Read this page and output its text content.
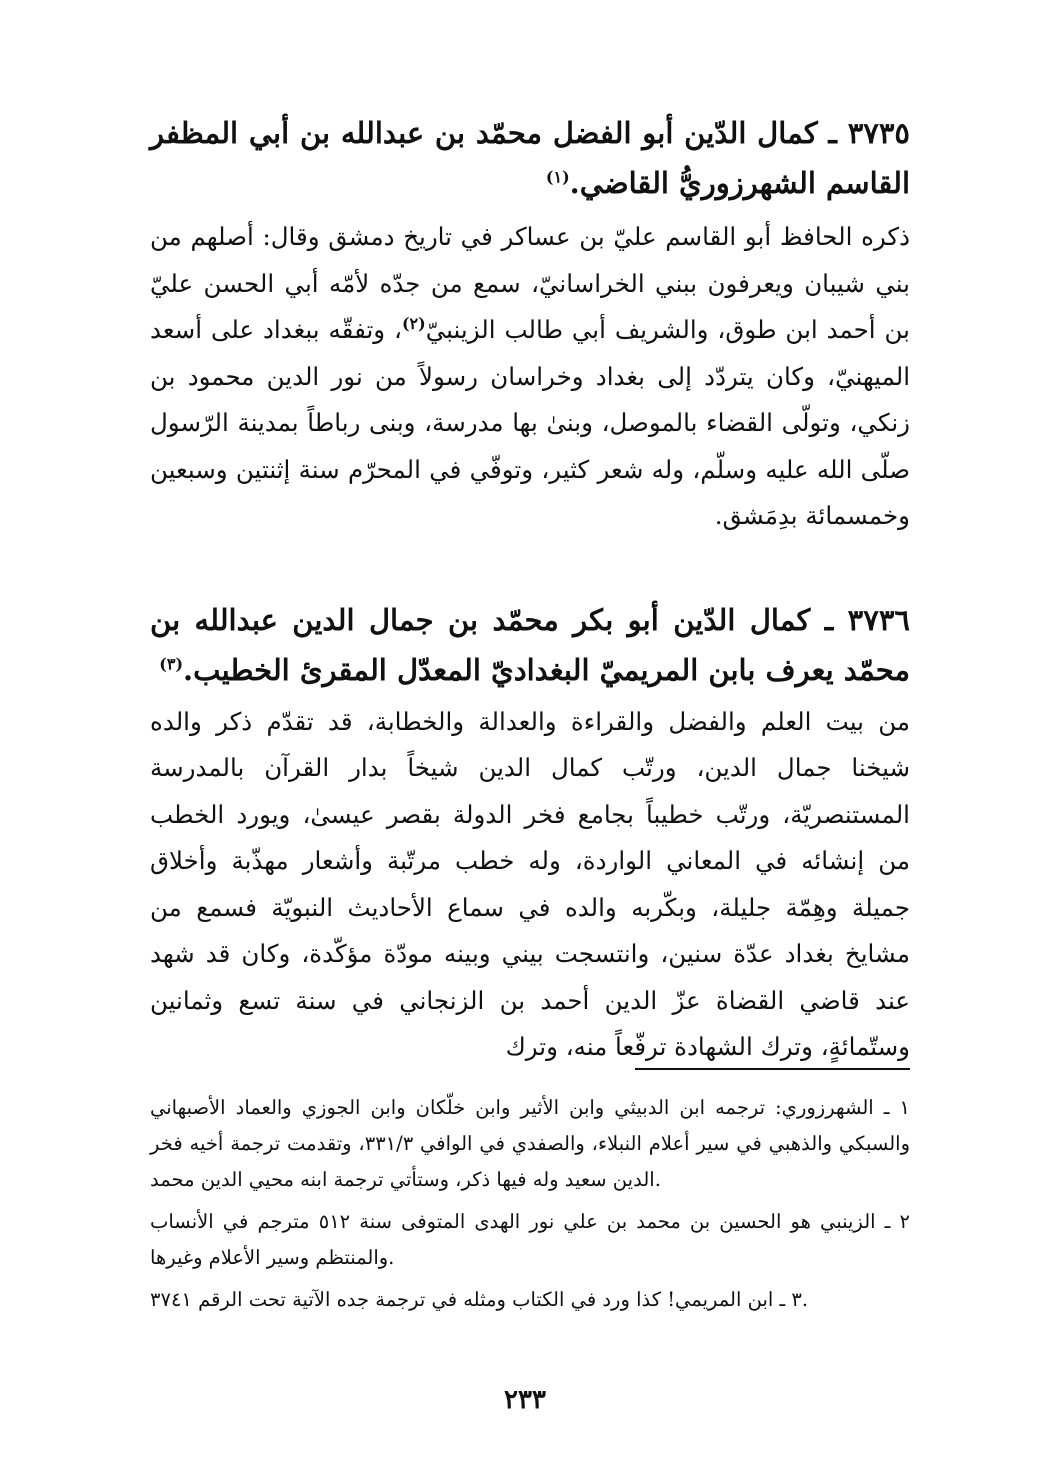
٣٧٣٥ ـ كمال الدّين أبو الفضل محمّد بن عبدالله بن أبي المظفر القاسم الشهرزوريُّ القاضي.$^{(١)}$

ذكره الحافظ أبو القاسم عليّ بن عساكر في تاريخ دمشق وقال: أصلهم من بني شيبان ويعرفون ببني الخراسانيّ، سمع من جدّه لأمّه أبي الحسن عليّ بن أحمد ابن طوق، والشريف أبي طالب الزينبيّ$^{(٢)}$، وتفقّه ببغداد على أسعد الميهنيّ، وكان يتردّد إلى بغداد وخراسان رسولاً من نور الدين محمود بن زنكي، وتولّى القضاء بالموصل، وبنىٰ بها مدرسة، وبنى رباطاً بمدينة الرّسول صلّى الله عليه وسلّم، وله شعر كثير، وتوفّي في المحرّم سنة إثنتين وسبعين وخمسمائة بدِمَشق.

٣٧٣٦ ـ كمال الدّين أبو بكر محمّد بن جمال الدين عبدالله بن محمّد يعرف بابن المريميّ البغداديّ المعدّل المقرئ الخطيب.$^{(٣)}$

من بيت العلم والفضل والقراءة والعدالة والخطابة، قد تقدّم ذكر والده شيخنا جمال الدين، ورتّب كمال الدين شيخاً بدار القرآن بالمدرسة المستنصريّة، ورتّب خطيباً بجامع فخر الدولة بقصر عيسىٰ، ويورد الخطب من إنشائه في المعاني الواردة، وله خطب مرتّبة وأشعار مهذّبة وأخلاق جميلة وهِمّة جليلة، وبكّربه والده في سماع الأحاديث النبويّة فسمع من مشايخ بغداد عدّة سنين، وانتسجت بيني وبينه مودّة مؤكّدة، وكان قد شهد عند قاضي القضاة عزّ الدين أحمد بن الزنجاني في سنة تسع وثمانين وستّمائةٍ، وترك الشهادة ترفّعاً منه، وترك

١ ـ الشهرزوري: ترجمه ابن الدبيثي وابن الأثير وابن خلّكان وابن الجوزي والعماد الأصبهاني والسبكي والذهبي في سير أعلام النبلاء، والصفدي في الوافي ٣٣١/٣، وتقدمت ترجمة أخيه فخر الدين سعيد وله فيها ذكر، وستأتي ترجمة ابنه محيي الدين محمد.

٢ ـ الزينبي هو الحسين بن محمد بن علي نور الهدى المتوفى سنة ٥١٢ مترجم في الأنساب والمنتظم وسير الأعلام وغيرها.

٣ ـ ابن المريمي! كذا ورد في الكتاب ومثله في ترجمة جده الآتية تحت الرقم ٣٧٤١.

٢٣٣
